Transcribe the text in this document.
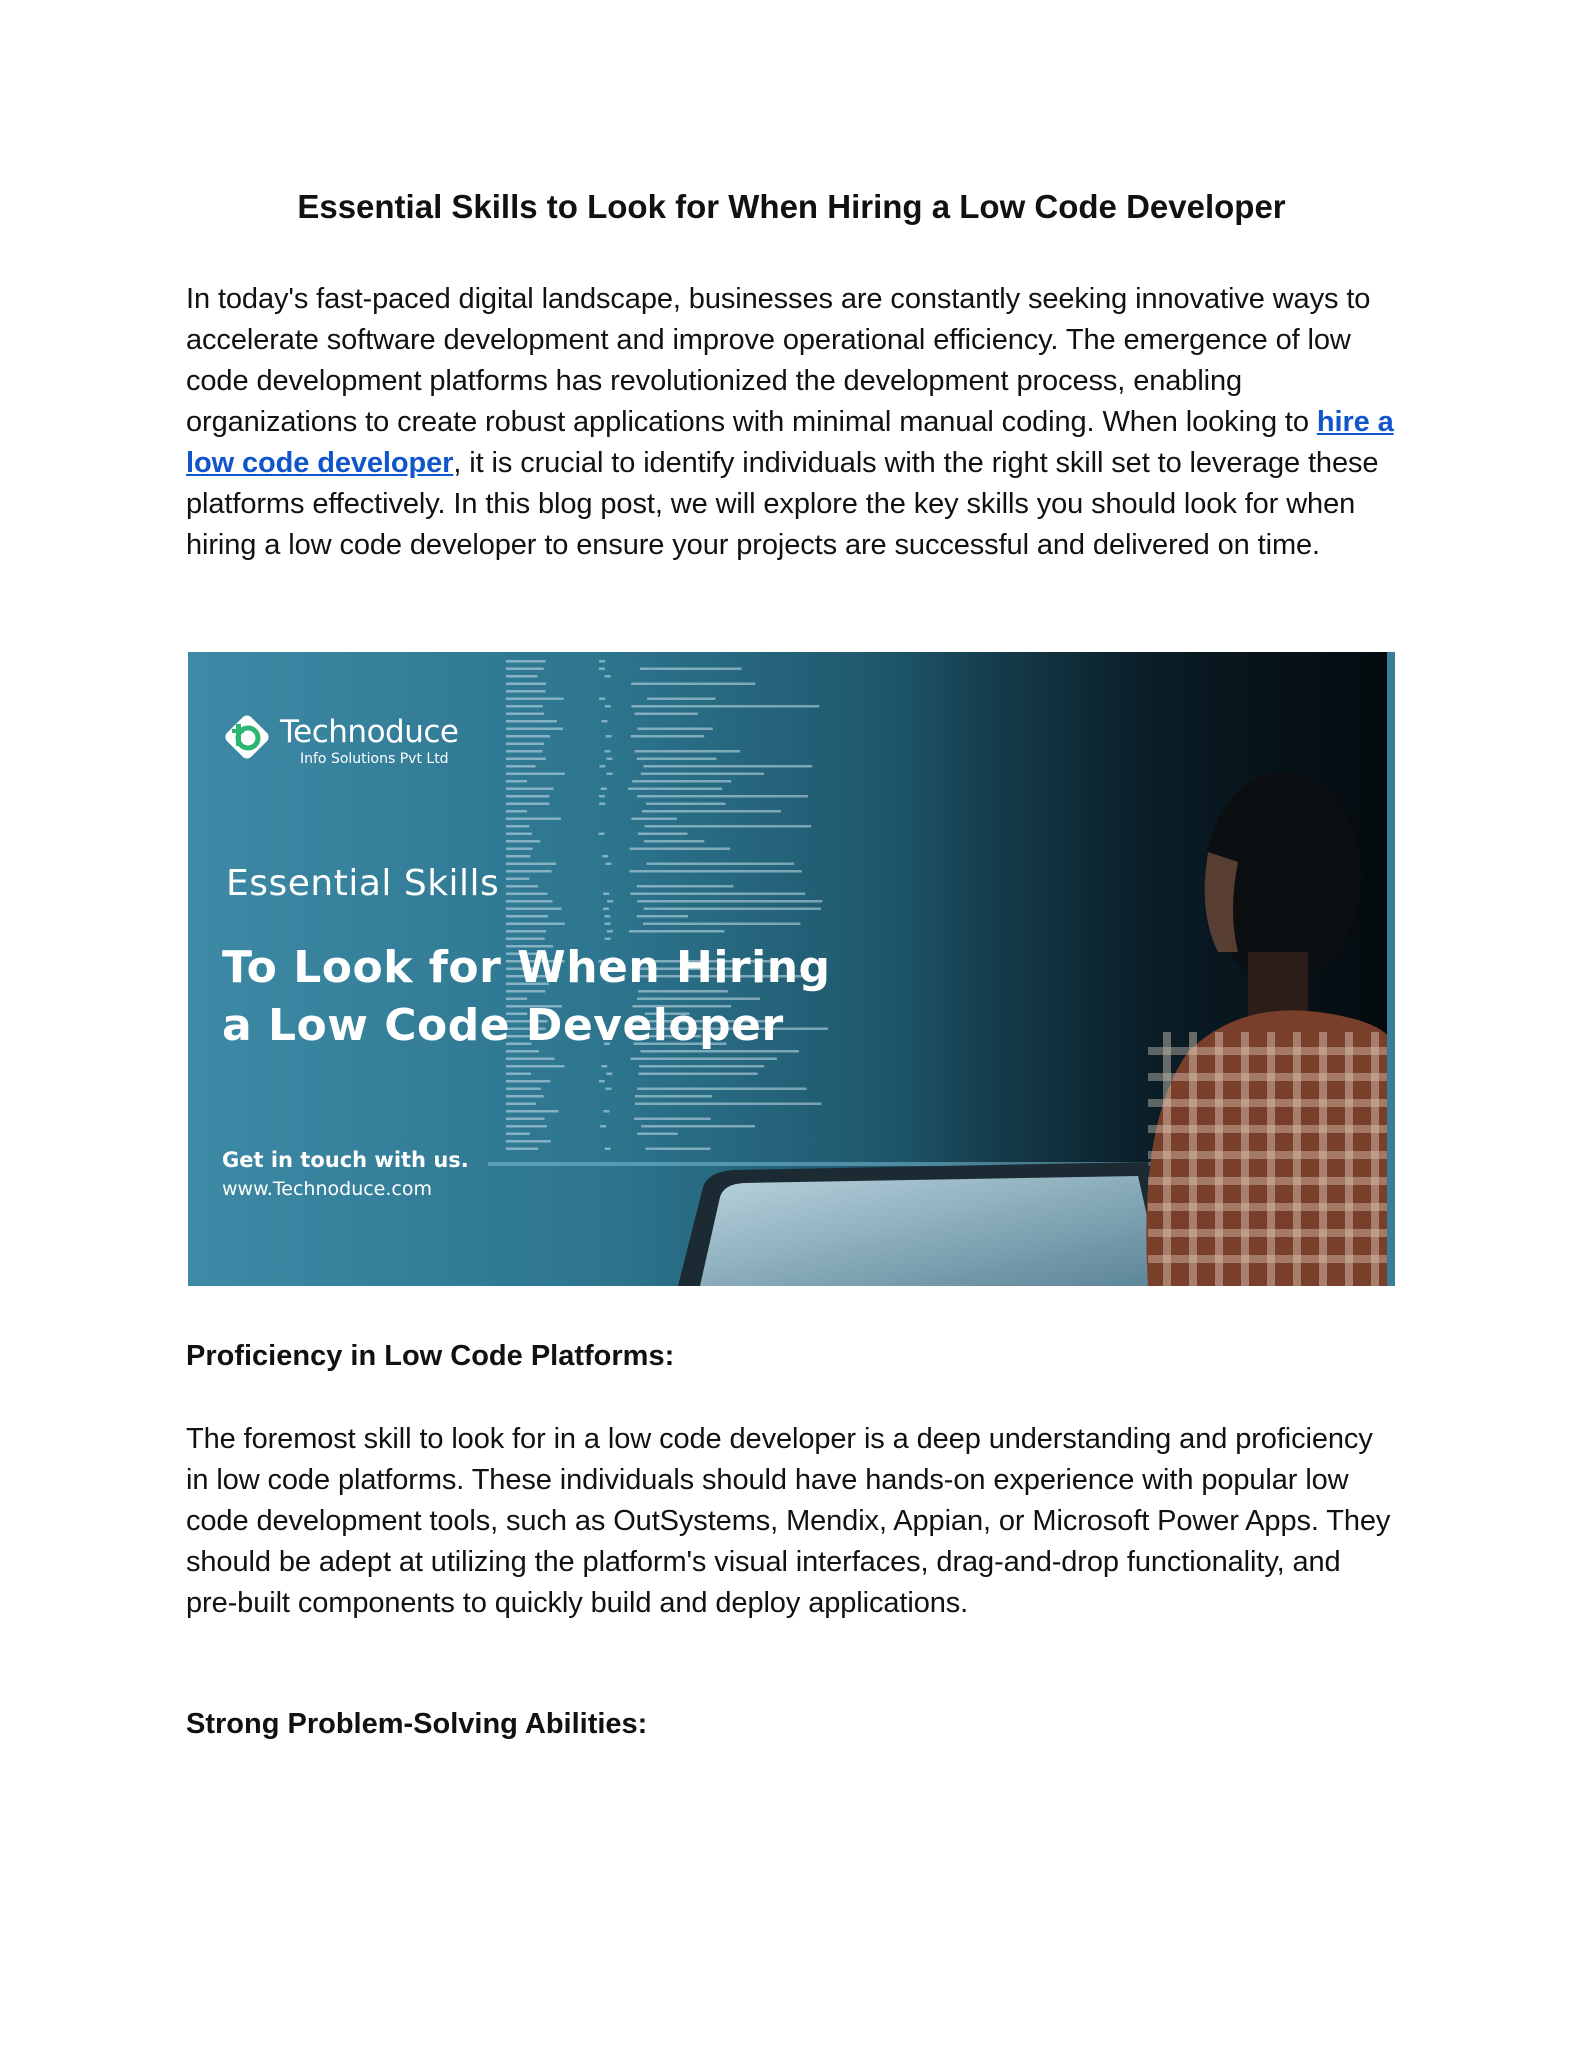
Essential Skills to Look for When Hiring a Low Code Developer

In today's fast-paced digital landscape, businesses are constantly seeking innovative ways to accelerate software development and improve operational efficiency. The emergence of low code development platforms has revolutionized the development process, enabling organizations to create robust applications with minimal manual coding. When looking to hire a low code developer, it is crucial to identify individuals with the right skill set to leverage these platforms effectively. In this blog post, we will explore the key skills you should look for when hiring a low code developer to ensure your projects are successful and delivered on time.

Technoduce
Info Solutions Pvt Ltd
Essential Skills
To Look for When Hiring
a Low Code Developer
Get in touch with us.
www.Technoduce.com
Proficiency in Low Code Platforms:

The foremost skill to look for in a low code developer is a deep understanding and proficiency in low code platforms. These individuals should have hands-on experience with popular low code development tools, such as OutSystems, Mendix, Appian, or Microsoft Power Apps. They should be adept at utilizing the platform's visual interfaces, drag-and-drop functionality, and pre-built components to quickly build and deploy applications.

Strong Problem-Solving Abilities:
